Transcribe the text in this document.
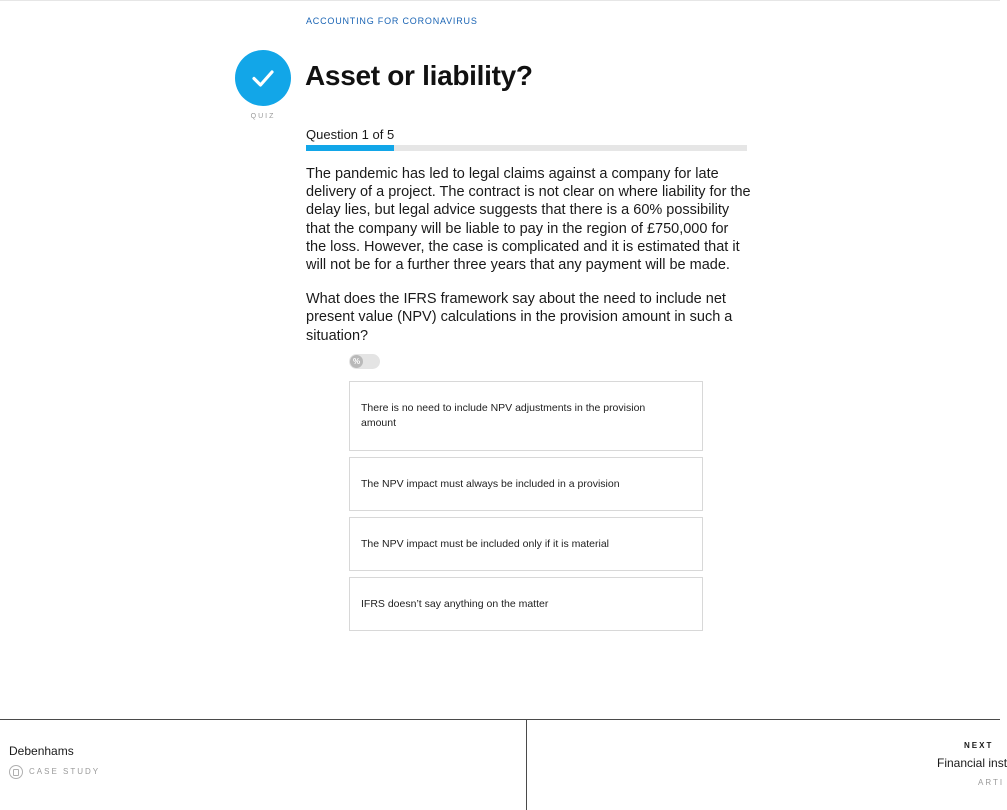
ACCOUNTING FOR CORONAVIRUS
QUIZ
Asset or liability?
Question 1 of 5

The pandemic has led to legal claims against a company for late delivery of a project. The contract is not clear on where liability for the delay lies, but legal advice suggests that there is a 60% possibility that the company will be liable to pay in the region of £750,000 for the loss. However, the case is complicated and it is estimated that it will not be for a further three years that any payment will be made.

What does the IFRS framework say about the need to include net present value (NPV) calculations in the provision amount in such a situation?

%
There is no need to include NPV adjustments in the provision amount
The NPV impact must always be included in a provision
The NPV impact must be included only if it is material
IFRS doesn’t say anything on the matter
Debenhams
CASE STUDY
NEXT
Financial inst
ARTI
